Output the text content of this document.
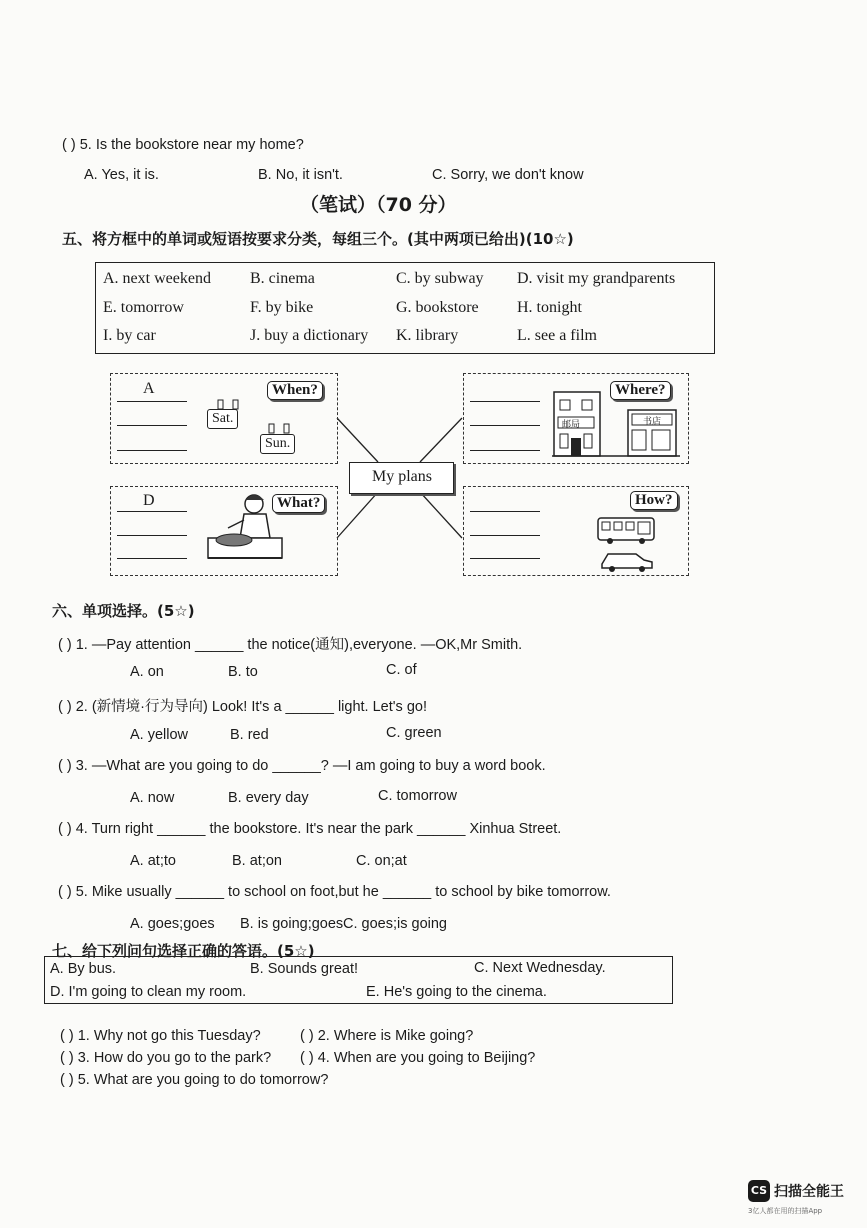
( ) 5. Is the bookstore near my home?
A. Yes, it is.	B. No, it isn't.	C. Sorry, we don't know
（笔试）（70 分）
五、将方框中的单词或短语按要求分类，每组三个。(其中两项已给出)(10☆)
A. next weekend B. cinema	C. by subway D. visit my grandparents
E. tomorrow	F. by bike	G. bookstore H. tonight
I. by car	J. buy a dictionary K. library	L. see a film
A	When?
Sat.
Sun.
Where?
邮局	书店
My plans
D	What?	How?
六、单项选择。(5☆)
( ) 1. —Pay attention ______ the notice(通知),everyone. —OK,Mr Smith.
A. on	B. to	C. of
( ) 2. (新情境·行为导向) Look! It's a ______ light. Let's go!
A. yellow	B. red	C. green
( ) 3. —What are you going to do ______? —I am going to buy a word book.
A. now	B. every day	C. tomorrow
( ) 4. Turn right ______ the bookstore. It's near the park ______ Xinhua Street.
A. at;to	B. at;on	C. on;at
( ) 5. Mike usually ______ to school on foot,but he ______ to school by bike tomorrow.
A. goes;goes B. is going;goes C. goes;is going
七、给下列问句选择正确的答语。(5☆)
A. By bus.	B. Sounds great!	C. Next Wednesday.
D. I'm going to clean my room.	E. He's going to the cinema.
( ) 1. Why not go this Tuesday?	( ) 2. Where is Mike going?
( ) 3. How do you go to the park? ( ) 4. When are you going to Beijing?
( ) 5. What are you going to do tomorrow?
CS 扫描全能王
3亿人都在用的扫描App
